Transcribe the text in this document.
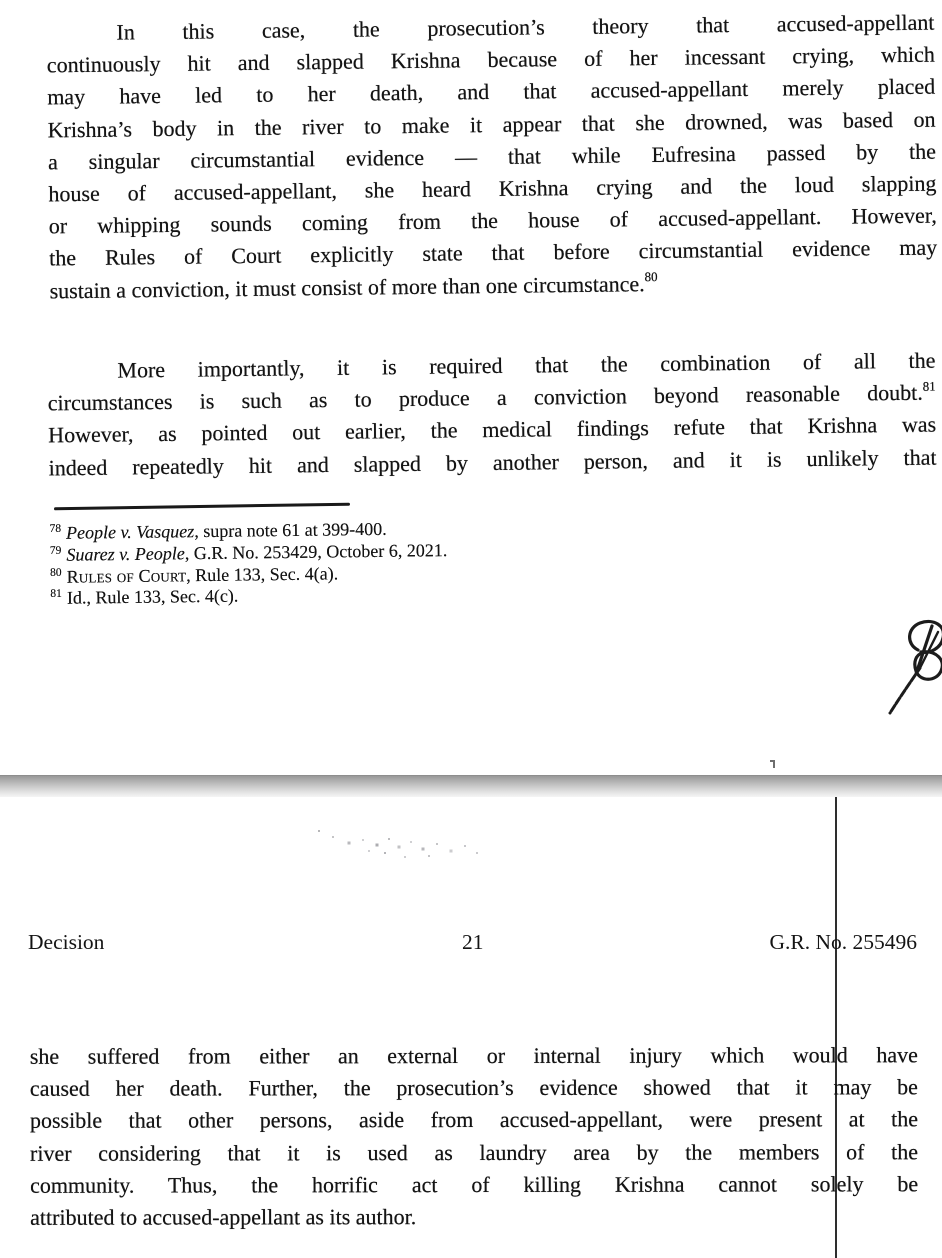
In this case, the prosecution’s theory that accused-appellant
continuously hit and slapped Krishna because of her incessant crying, which
may have led to her death, and that accused-appellant merely placed
Krishna’s body in the river to make it appear that she drowned, was based on
a singular circumstantial evidence — that while Eufresina passed by the
house of accused-appellant, she heard Krishna crying and the loud slapping
or whipping sounds coming from the house of accused-appellant. However,
the Rules of Court explicitly state that before circumstantial evidence may
sustain a conviction, it must consist of more than one circumstance.$^{80}$
More importantly, it is required that the combination of all the
circumstances is such as to produce a conviction beyond reasonable doubt.$^{81}$
However, as pointed out earlier, the medical findings refute that Krishna was
indeed repeatedly hit and slapped by another person, and it is unlikely that
$^{78}$ People v. Vasquez, supra note 61 at 399-400.
$^{79}$ Suarez v. People, G.R. No. 253429, October 6, 2021.
$^{80}$ Rules of Court, Rule 133, Sec. 4(a).
$^{81}$ Id., Rule 133, Sec. 4(c).
Decision	21	G.R. No. 255496
she suffered from either an external or internal injury which would have
caused her death. Further, the prosecution’s evidence showed that it may be
possible that other persons, aside from accused-appellant, were present at the
river considering that it is used as laundry area by the members of the
community. Thus, the horrific act of killing Krishna cannot solely be
attributed to accused-appellant as its author.
